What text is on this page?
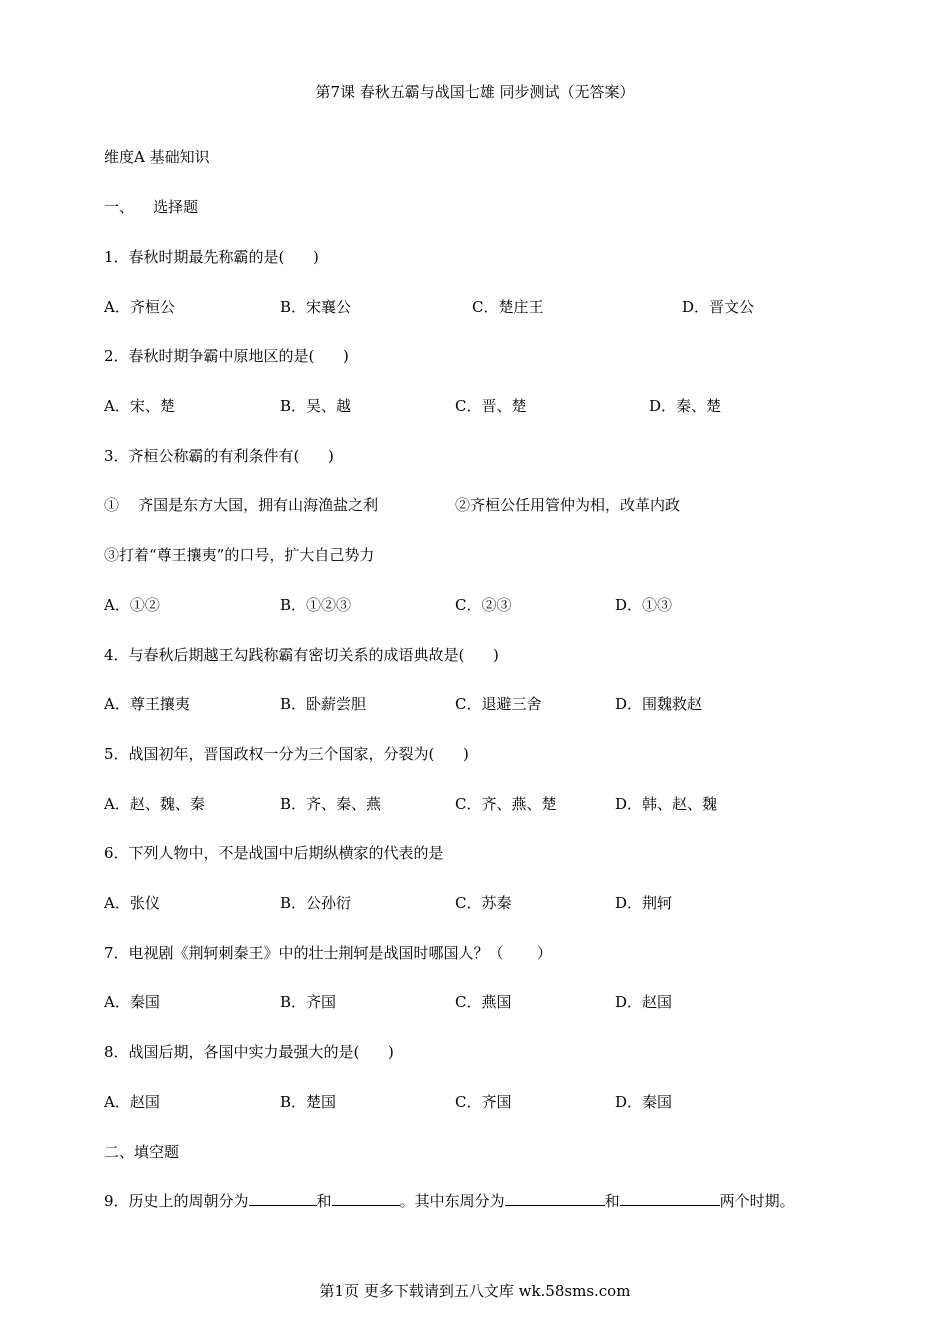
第7课 春秋五霸与战国七雄 同步测试（无答案）
维度A 基础知识
一、    选择题
1．春秋时期最先称霸的是(      )
A．齐桓公	B．宋襄公	C．楚庄王	D．晋文公
2．春秋时期争霸中原地区的是(      )
A．宋、楚	B．吴、越	C．晋、楚	D．秦、楚
3．齐桓公称霸的有利条件有(      )
①    齐国是东方大国，拥有山海渔盐之利	②齐桓公任用管仲为相，改革内政
③打着“尊王攘夷”的口号，扩大自己势力
A．①②	B．①②③	C．②③	D．①③
4．与春秋后期越王勾践称霸有密切关系的成语典故是(      )
A．尊王攘夷	B．卧薪尝胆	C．退避三舍	D．围魏救赵
5．战国初年，晋国政权一分为三个国家，分裂为(      )
A．赵、魏、秦	B．齐、秦、燕	C．齐、燕、楚	D．韩、赵、魏
6．下列人物中，不是战国中后期纵横家的代表的是
A．张仪	B．公孙衍	C．苏秦	D．荆轲
7．电视剧《荆轲刺秦王》中的壮士荆轲是战国时哪国人？（       ）
A．秦国	B．齐国	C．燕国	D．赵国
8．战国后期，各国中实力最强大的是(      )
A．赵国	B．楚国	C．齐国	D．秦国
二、填空题
9．历史上的周朝分为	和	。其中东周分为	和	两个时期。
第1页 更多下载请到五八文库 wk.58sms.com
